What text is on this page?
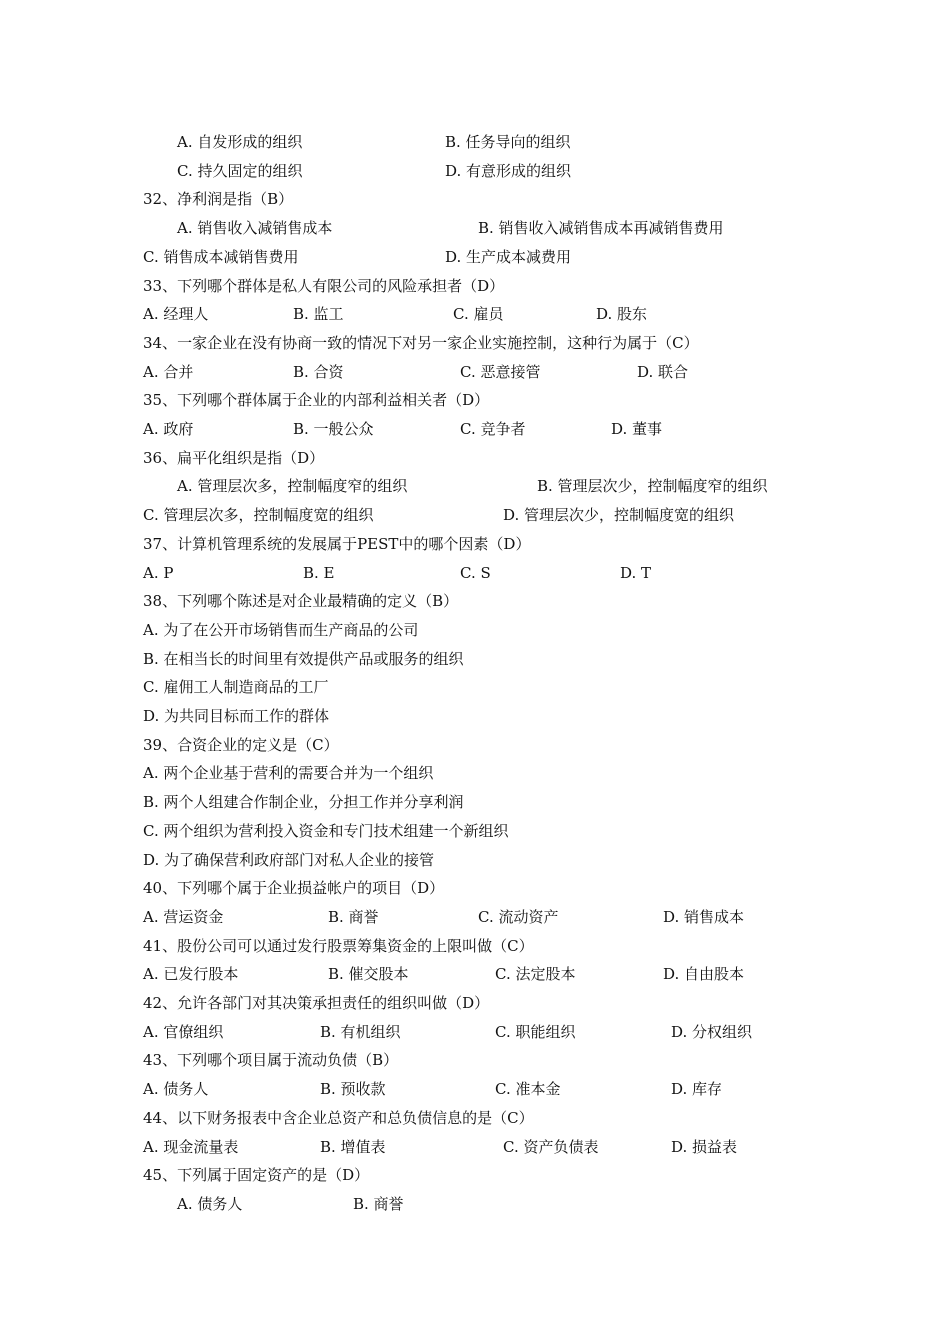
A. 自发形成的组织	B. 任务导向的组织
C. 持久固定的组织	D. 有意形成的组织
32、净利润是指（B）
A. 销售收入减销售成本	B. 销售收入减销售成本再减销售费用
C. 销售成本减销售费用	D. 生产成本减费用
33、下列哪个群体是私人有限公司的风险承担者（D）
A. 经理人	B. 监工	C. 雇员	D. 股东
34、一家企业在没有协商一致的情况下对另一家企业实施控制，这种行为属于（C）
A. 合并	B. 合资	C. 恶意接管	D. 联合
35、下列哪个群体属于企业的内部利益相关者（D）
A. 政府	B. 一般公众	C. 竞争者	D. 董事
36、扁平化组织是指（D）
A. 管理层次多，控制幅度窄的组织	B. 管理层次少，控制幅度窄的组织
C. 管理层次多，控制幅度宽的组织	D. 管理层次少，控制幅度宽的组织
37、计算机管理系统的发展属于PEST中的哪个因素（D）
A. P	B. E	C. S	D. T
38、下列哪个陈述是对企业最精确的定义（B）
A. 为了在公开市场销售而生产商品的公司
B. 在相当长的时间里有效提供产品或服务的组织
C. 雇佣工人制造商品的工厂
D. 为共同目标而工作的群体
39、合资企业的定义是（C）
A. 两个企业基于营利的需要合并为一个组织
B. 两个人组建合作制企业，分担工作并分享利润
C. 两个组织为营利投入资金和专门技术组建一个新组织
D. 为了确保营利政府部门对私人企业的接管
40、下列哪个属于企业损益帐户的项目（D）
A. 营运资金	B. 商誉	C. 流动资产	D. 销售成本
41、股份公司可以通过发行股票筹集资金的上限叫做（C）
A. 已发行股本	B. 催交股本	C. 法定股本	D. 自由股本
42、允许各部门对其决策承担责任的组织叫做（D）
A. 官僚组织	B. 有机组织	C. 职能组织	D. 分权组织
43、下列哪个项目属于流动负债（B）
A. 债务人	B. 预收款	C. 准本金	D. 库存
44、以下财务报表中含企业总资产和总负债信息的是（C）
A. 现金流量表	B. 增值表	C. 资产负债表	D. 损益表
45、下列属于固定资产的是（D）
A. 债务人	B. 商誉
